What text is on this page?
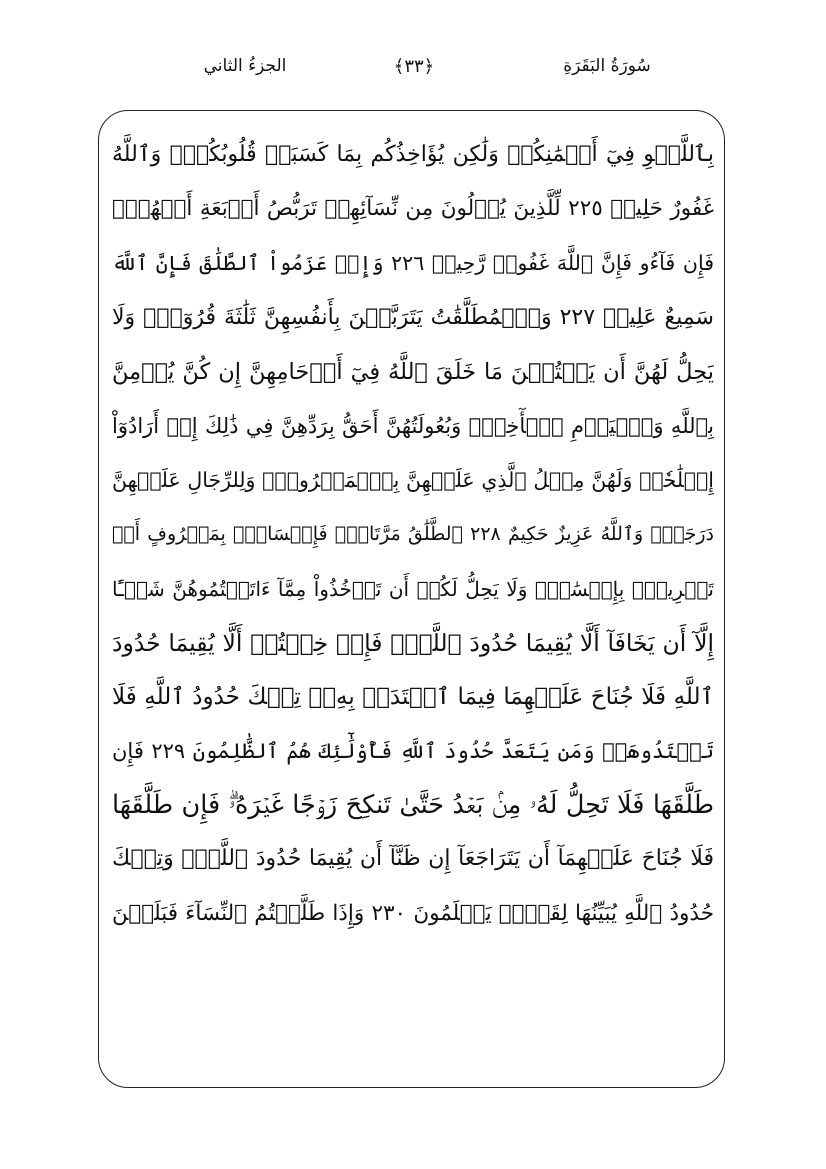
سُورَةُ البَقَرَةِ
﴿٣٣﴾
الجزءُ الثاني
بِٱللَّغۡوِ فِيٓ أَيۡمَٰنِكُمۡ وَلَٰكِن يُؤَاخِذُكُم بِمَا كَسَبَتۡ قُلُوبُكُمۡۗ وَٱللَّهُ
غَفُورٌ حَلِيمٞ ٢٢٥ لِّلَّذِينَ يُؤۡلُونَ مِن نِّسَآئِهِمۡ تَرَبُّصُ أَرۡبَعَةِ أَشۡهُرٖۖ
فَإِن فَآءُو فَإِنَّ ٱللَّهَ غَفُورٞ رَّحِيمٞ ٢٢٦ وَإِنۡ عَزَمُواْ ٱلطَّلَٰقَ فَإِنَّ ٱللَّهَ
سَمِيعٌ عَلِيمٞ ٢٢٧ وَٱلۡمُطَلَّقَٰتُ يَتَرَبَّصۡنَ بِأَنفُسِهِنَّ ثَلَٰثَةَ قُرُوٓءٖۚ وَلَا
يَحِلُّ لَهُنَّ أَن يَكۡتُمۡنَ مَا خَلَقَ ٱللَّهُ فِيٓ أَرۡحَامِهِنَّ إِن كُنَّ يُؤۡمِنَّ
بِٱللَّهِ وَٱلۡيَوۡمِ ٱلۡأٓخِرِۚ وَبُعُولَتُهُنَّ أَحَقُّ بِرَدِّهِنَّ فِي ذَٰلِكَ إِنۡ أَرَادُوٓاْ
إِصۡلَٰحٗاۚ وَلَهُنَّ مِثۡلُ ٱلَّذِي عَلَيۡهِنَّ بِٱلۡمَعۡرُوفِۚ وَلِلرِّجَالِ عَلَيۡهِنَّ
دَرَجَةٞۗ وَٱللَّهُ عَزِيزٌ حَكِيمٌ ٢٢٨ ٱلطَّلَٰقُ مَرَّتَانِۖ فَإِمۡسَاكُۢ بِمَعۡرُوفٍ أَوۡ
تَسۡرِيحُۢ بِإِحۡسَٰنٖۗ وَلَا يَحِلُّ لَكُمۡ أَن تَأۡخُذُواْ مِمَّآ ءَاتَيۡتُمُوهُنَّ شَيۡـًٔا
إِلَّآ أَن يَخَافَآ أَلَّا يُقِيمَا حُدُودَ ٱللَّهِۖ فَإِنۡ خِفۡتُمۡ أَلَّا يُقِيمَا حُدُودَ
ٱللَّهِ فَلَا جُنَاحَ عَلَيۡهِمَا فِيمَا ٱفۡتَدَتۡ بِهِۦۗ تِلۡكَ حُدُودُ ٱللَّهِ فَلَا
تَعۡتَدُوهَاۚ وَمَن يَتَعَدَّ حُدُودَ ٱللَّهِ فَأُوْلَٰٓئِكَ هُمُ ٱلظَّٰلِمُونَ ٢٢٩ فَإِن
طَلَّقَهَا فَلَا تَحِلُّ لَهُۥ مِنۢ بَعۡدُ حَتَّىٰ تَنكِحَ زَوۡجًا غَيۡرَهُۥۗ فَإِن طَلَّقَهَا
فَلَا جُنَاحَ عَلَيۡهِمَآ أَن يَتَرَاجَعَآ إِن ظَنَّآ أَن يُقِيمَا حُدُودَ ٱللَّهِۗ وَتِلۡكَ
حُدُودُ ٱللَّهِ يُبَيِّنُهَا لِقَوۡمٖ يَعۡلَمُونَ ٢٣٠ وَإِذَا طَلَّقۡتُمُ ٱلنِّسَآءَ فَبَلَغۡنَ
